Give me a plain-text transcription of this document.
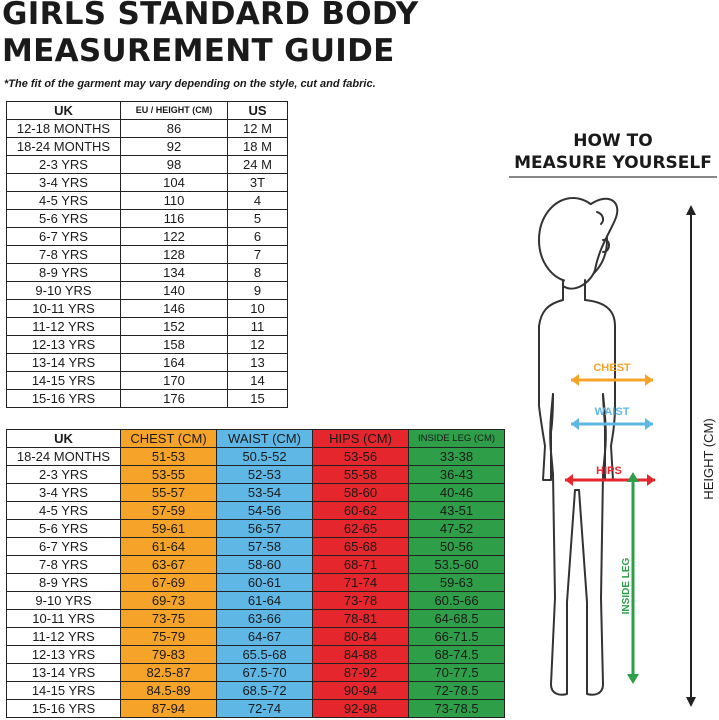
GIRLS STANDARD BODY
MEASUREMENT GUIDE
*The fit of the garment may vary depending on the style, cut and fabric.
UK	EU / HEIGHT (CM)	US
12-18 MONTHS	86	12 M
18-24 MONTHS	92	18 M
2-3 YRS	98	24 M
3-4 YRS	104	3T
4-5 YRS	110	4
5-6 YRS	116	5
6-7 YRS	122	6
7-8 YRS	128	7
8-9 YRS	134	8
9-10 YRS	140	9
10-11 YRS	146	10
11-12 YRS	152	11
12-13 YRS	158	12
13-14 YRS	164	13
14-15 YRS	170	14
15-16 YRS	176	15
UK	CHEST (CM)	WAIST (CM)	HIPS (CM)	INSIDE LEG (CM)
18-24 MONTHS	51-53	50.5-52	53-56	33-38
2-3 YRS	53-55	52-53	55-58	36-43
3-4 YRS	55-57	53-54	58-60	40-46
4-5 YRS	57-59	54-56	60-62	43-51
5-6 YRS	59-61	56-57	62-65	47-52
6-7 YRS	61-64	57-58	65-68	50-56
7-8 YRS	63-67	58-60	68-71	53.5-60
8-9 YRS	67-69	60-61	71-74	59-63
9-10 YRS	69-73	61-64	73-78	60.5-66
10-11 YRS	73-75	63-66	78-81	64-68.5
11-12 YRS	75-79	64-67	80-84	66-71.5
12-13 YRS	79-83	65.5-68	84-88	68-74.5
13-14 YRS	82.5-87	67.5-70	87-92	70-77.5
14-15 YRS	84.5-89	68.5-72	90-94	72-78.5
15-16 YRS	87-94	72-74	92-98	73-78.5
HOW TO
MEASURE YOURSELF
HEIGHT (CM)
CHEST
WAIST
HIPS
INSIDE LEG
